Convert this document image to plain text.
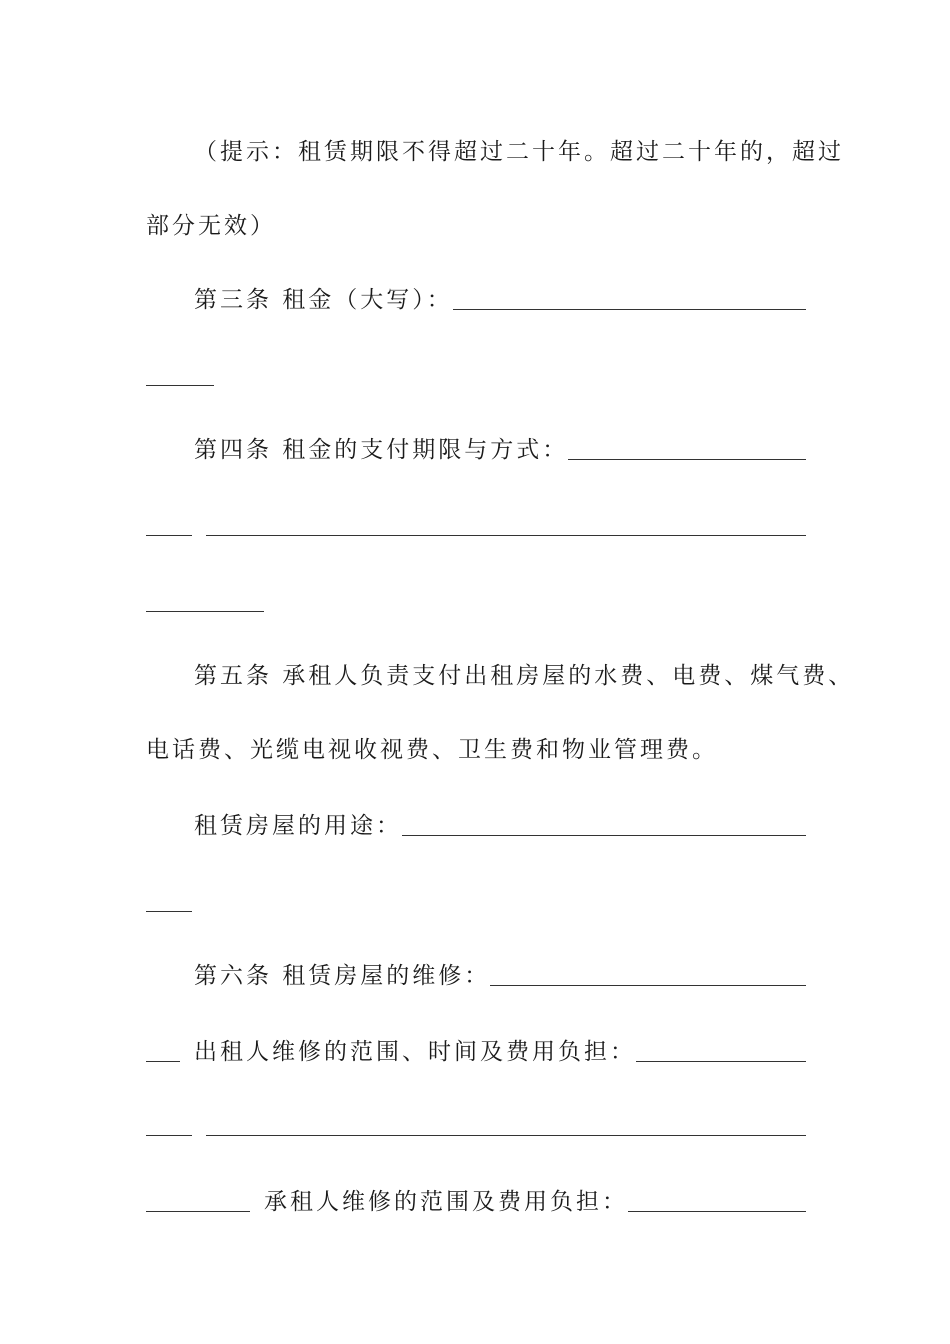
（提示：租赁期限不得超过二十年。超过二十年的，超过
部分无效）
第三条 租金（大写）：
第四条 租金的支付期限与方式：
第五条 承租人负责支付出租房屋的水费、电费、煤气费、
电话费、光缆电视收视费、卫生费和物业管理费。
租赁房屋的用途：
第六条 租赁房屋的维修：
出租人维修的范围、时间及费用负担：
承租人维修的范围及费用负担：
